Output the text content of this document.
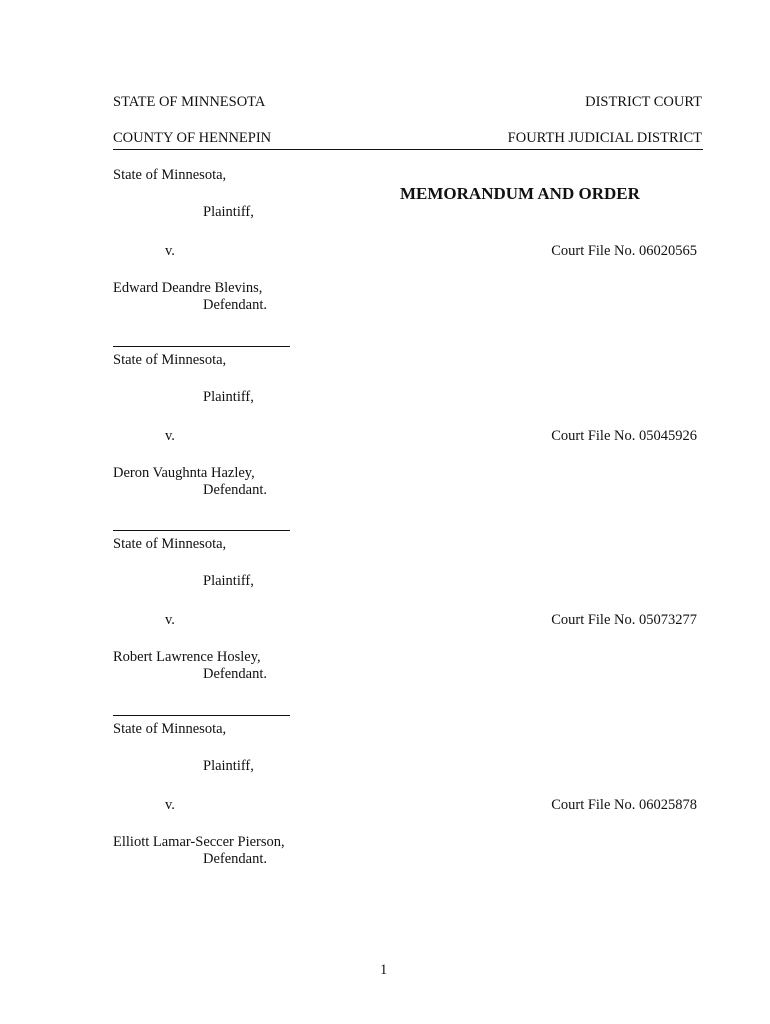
STATE OF MINNESOTA	DISTRICT COURT
COUNTY OF HENNEPIN	FOURTH JUDICIAL DISTRICT
MEMORANDUM AND ORDER
State of Minnesota,
Plaintiff,
v.	Court File No. 06020565
Edward Deandre Blevins,
Defendant.
State of Minnesota,
Plaintiff,
v.	Court File No. 05045926
Deron Vaughnta Hazley,
Defendant.
State of Minnesota,
Plaintiff,
v.	Court File No. 05073277
Robert Lawrence Hosley,
Defendant.
State of Minnesota,
Plaintiff,
v.	Court File No. 06025878
Elliott Lamar-Seccer Pierson,
Defendant.
1
